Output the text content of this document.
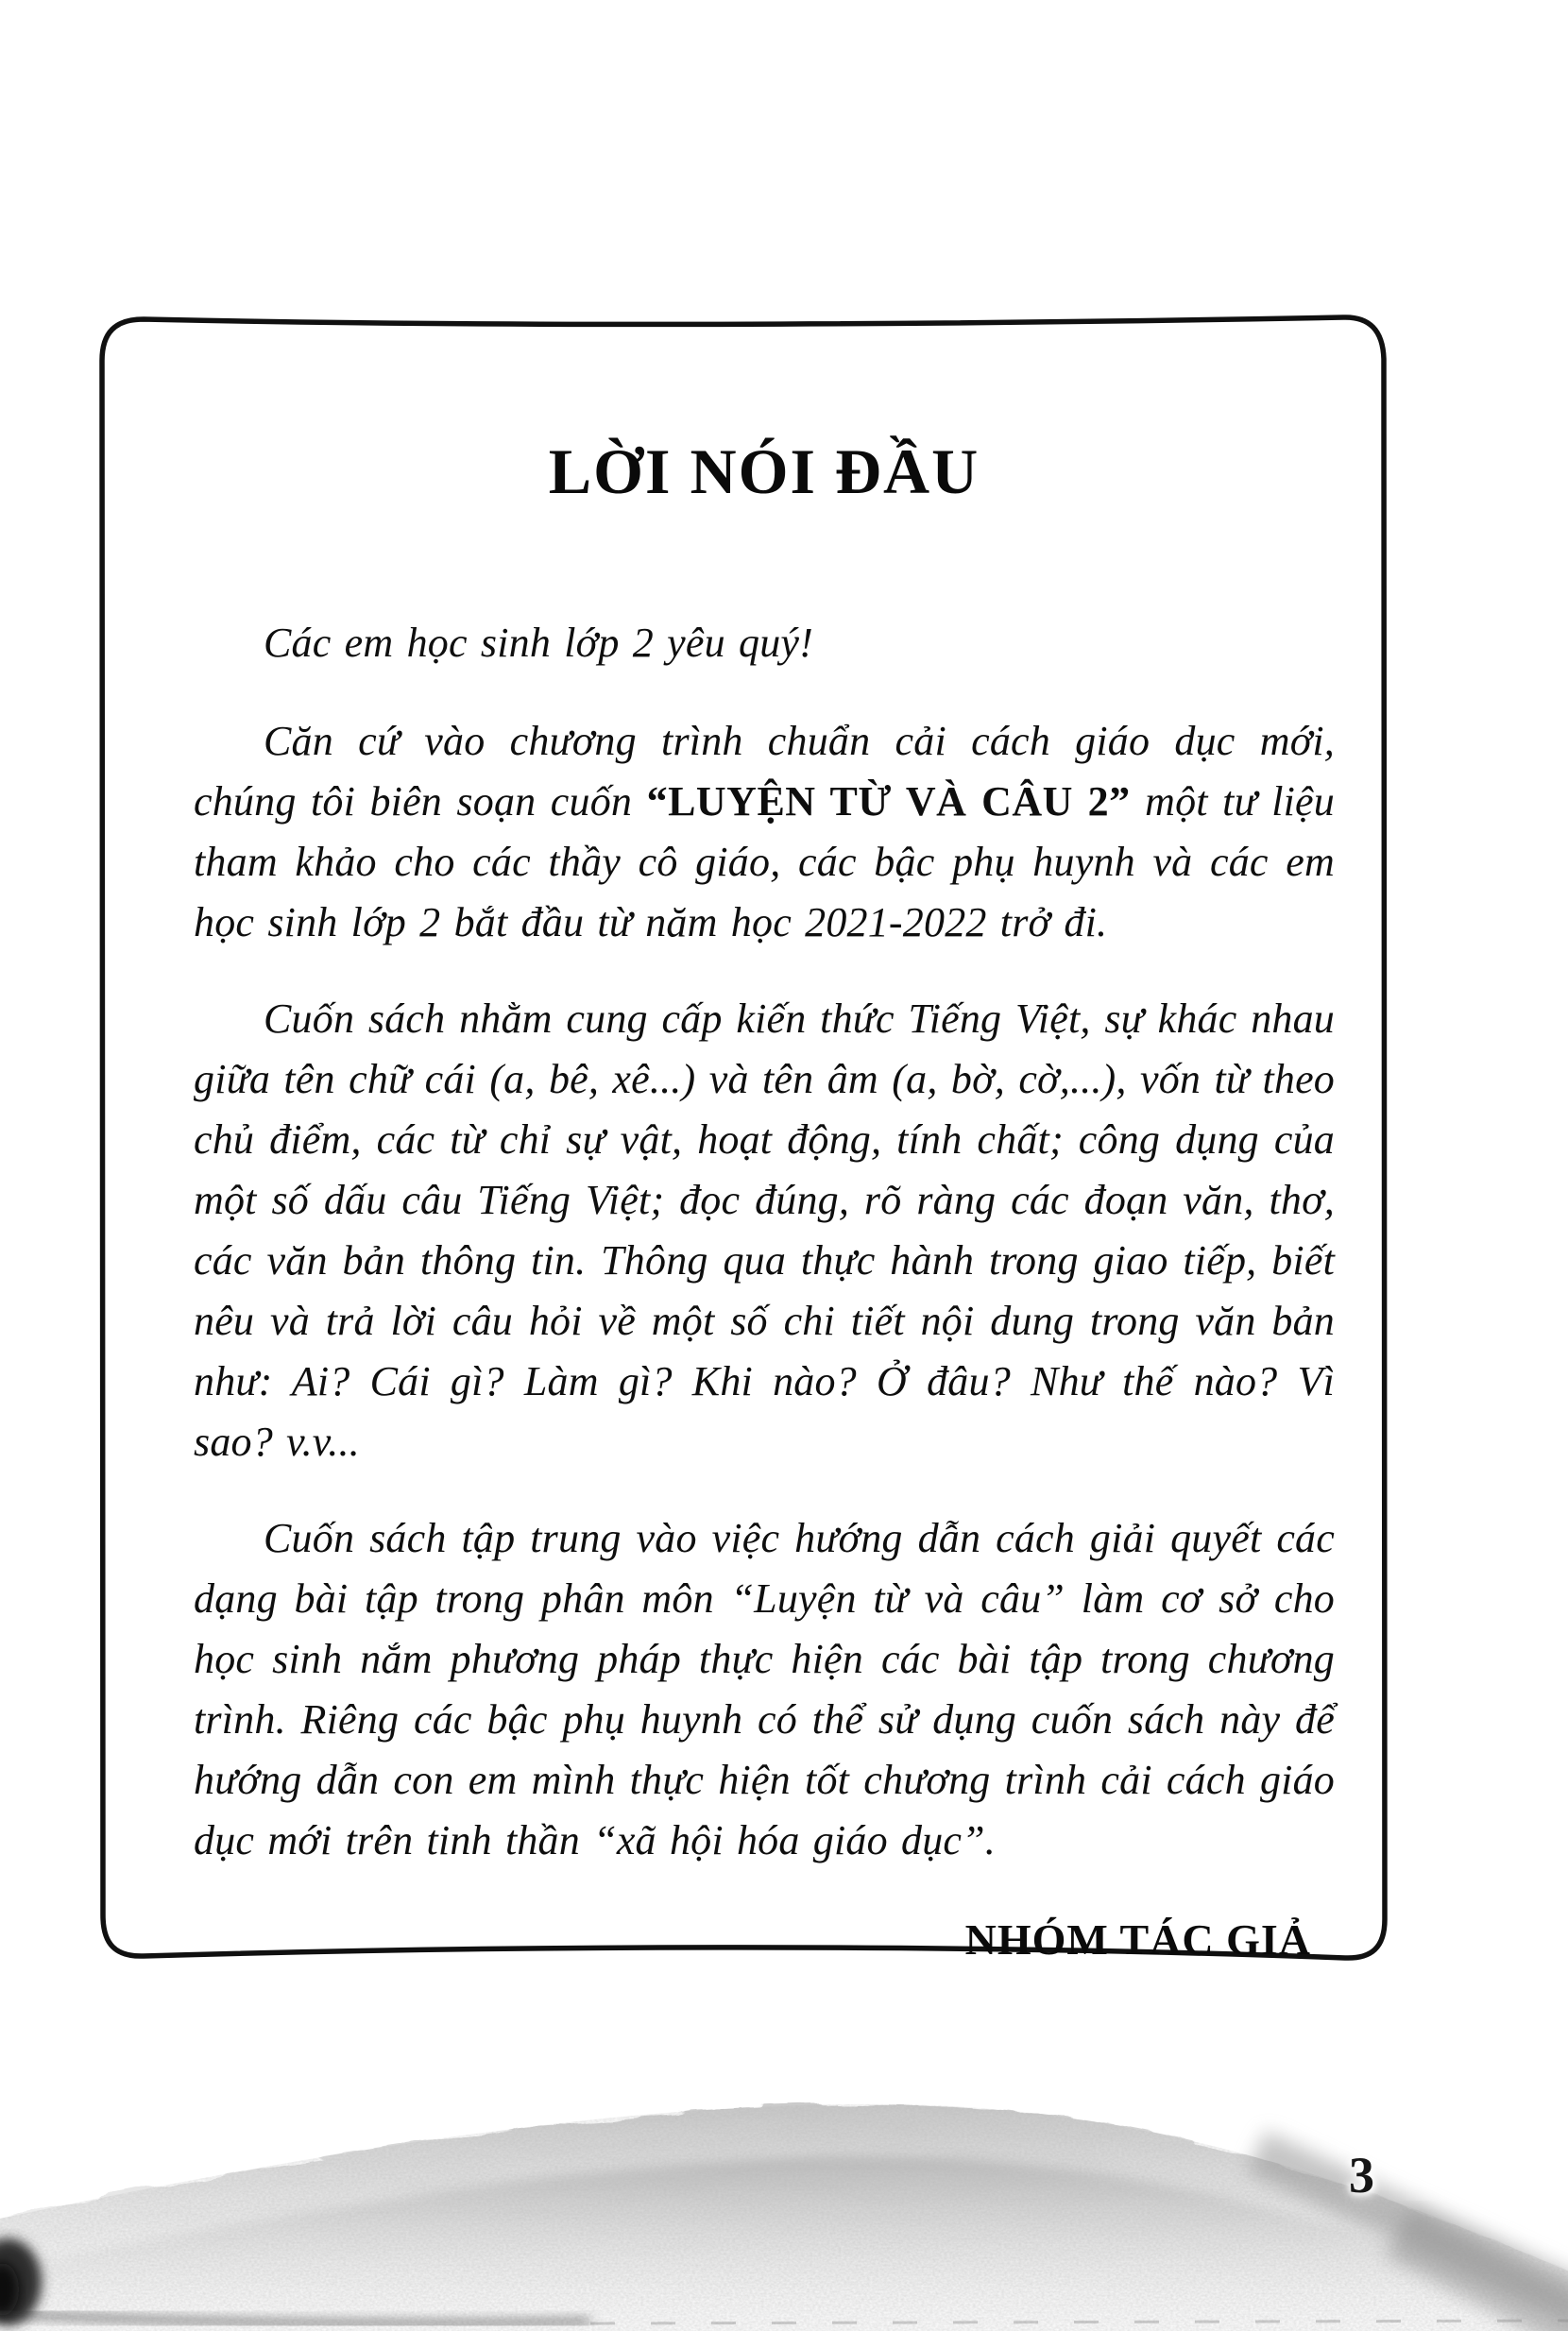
LỜI NÓI ĐẦU

Các em học sinh lớp 2 yêu quý!

Căn cứ vào chương trình chuẩn cải cách giáo dục mới, chúng tôi biên soạn cuốn “LUYỆN TỪ VÀ CÂU 2” một tư liệu tham khảo cho các thầy cô giáo, các bậc phụ huynh và các em học sinh lớp 2 bắt đầu từ năm học 2021-2022 trở đi.

Cuốn sách nhằm cung cấp kiến thức Tiếng Việt, sự khác nhau giữa tên chữ cái (a, bê, xê...) và tên âm (a, bờ, cờ,...), vốn từ theo chủ điểm, các từ chỉ sự vật, hoạt động, tính chất; công dụng của một số dấu câu Tiếng Việt; đọc đúng, rõ ràng các đoạn văn, thơ, các văn bản thông tin. Thông qua thực hành trong giao tiếp, biết nêu và trả lời câu hỏi về một số chi tiết nội dung trong văn bản như: Ai? Cái gì? Làm gì? Khi nào? Ở đâu? Như thế nào? Vì sao? v.v...

Cuốn sách tập trung vào việc hướng dẫn cách giải quyết các dạng bài tập trong phân môn “Luyện từ và câu” làm cơ sở cho học sinh nắm phương pháp thực hiện các bài tập trong chương trình. Riêng các bậc phụ huynh có thể sử dụng cuốn sách này để hướng dẫn con em mình thực hiện tốt chương trình cải cách giáo dục mới trên tinh thần “xã hội hóa giáo dục”.

NHÓM TÁC GIẢ
3
